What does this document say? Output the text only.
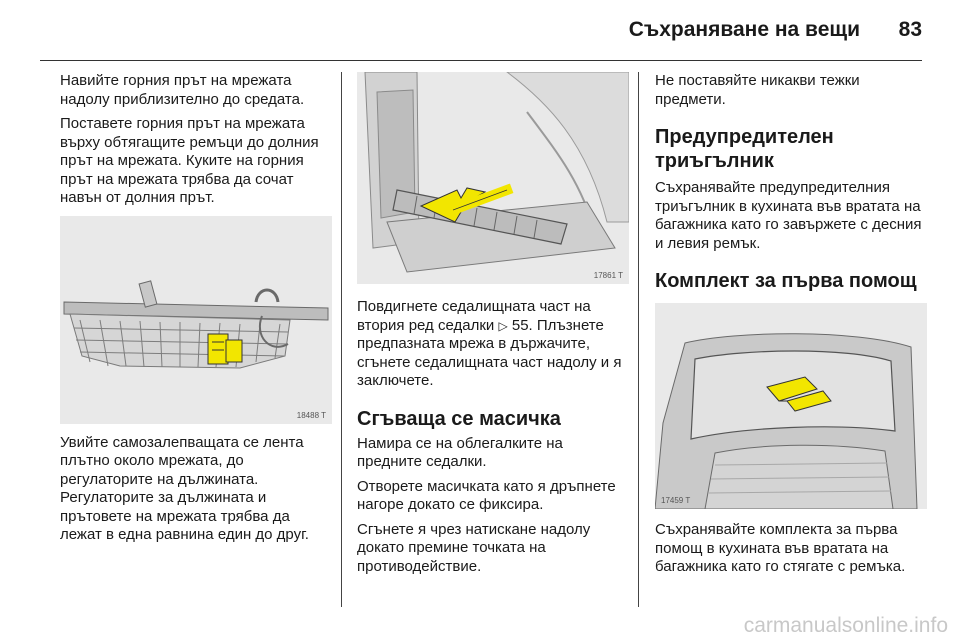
Съхраняване на вещи	83

Навийте горния прът на мрежата надолу приблизително до средата.

Поставете горния прът на мрежата върху обтягащите ремъци до долния прът на мрежата. Куките на горния прът на мрежата трябва да сочат навън от долния прът.

18488 T

Увийте самозалепващата се лента плътно около мрежата, до регулаторите на дължината. Регулаторите за дължината и прътовете на мрежата трябва да лежат в една равнина един до друг.

17861 T

Повдигнете седалищната част на втория ред седалки ▷ 55. Плъзнете предпазната мрежа в държачите, сгънете седалищната част надолу и я заключете.

Сгъваща се масичка

Намира се на облегалките на предните седалки.

Отворете масичката като я дръпнете нагоре докато се фиксира.

Сгънете я чрез натискане надолу докато премине точката на противодействие.

Не поставяйте никакви тежки предмети.

Предупредителен триъгълник

Съхранявайте предупредителния триъгълник в кухината във вратата на багажника като го завържете с десния и левия ремък.

Комплект за първа помощ
17459 T

Съхранявайте комплекта за първа помощ в кухината във вратата на багажника като го стягате с ремъка.

carmanualsonline.info
